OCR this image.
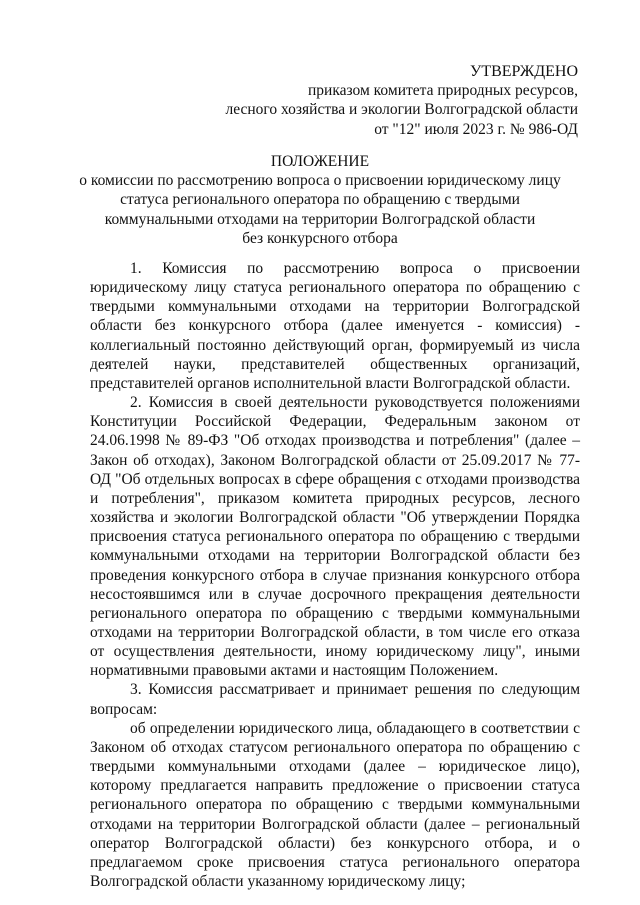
УТВЕРЖДЕНО
приказом комитета природных ресурсов,
лесного хозяйства и экологии Волгоградской области
от "12" июля 2023 г. № 986-ОД
ПОЛОЖЕНИЕ
о комиссии по рассмотрению вопроса о присвоении юридическому лицу
статуса регионального оператора по обращению с твердыми
коммунальными отходами на территории Волгоградской области
без конкурсного отбора

1. Комиссия по рассмотрению вопроса о присвоении юридическому лицу статуса регионального оператора по обращению с твердыми коммунальными отходами на территории Волгоградской области без конкурсного отбора (далее именуется - комиссия) - коллегиальный постоянно действующий орган, формируемый из числа деятелей науки, представителей общественных организаций, представителей органов исполнительной власти Волгоградской области.

2. Комиссия в своей деятельности руководствуется положениями Конституции Российской Федерации, Федеральным законом от 24.06.1998 № 89-ФЗ "Об отходах производства и потребления" (далее – Закон об отходах), Законом Волгоградской области от 25.09.2017 № 77-ОД "Об отдельных вопросах в сфере обращения с отходами производства и потребления", приказом комитета природных ресурсов, лесного хозяйства и экологии Волгоградской области "Об утверждении Порядка присвоения статуса регионального оператора по обращению с твердыми коммунальными отходами на территории Волгоградской области без проведения конкурсного отбора в случае признания конкурсного отбора несостоявшимся или в случае досрочного прекращения деятельности регионального оператора по обращению с твердыми коммунальными отходами на территории Волгоградской области, в том числе его отказа от осуществления деятельности, иному юридическому лицу", иными нормативными правовыми актами и настоящим Положением.

3. Комиссия рассматривает и принимает решения по следующим вопросам:

об определении юридического лица, обладающего в соответствии с Законом об отходах статусом регионального оператора по обращению с твердыми коммунальными отходами (далее – юридическое лицо), которому предлагается направить предложение о присвоении статуса регионального оператора по обращению с твердыми коммунальными отходами на территории Волгоградской области (далее – региональный оператор Волгоградской области) без конкурсного отбора, и о предлагаемом сроке присвоения статуса регионального оператора Волгоградской области указанному юридическому лицу;
